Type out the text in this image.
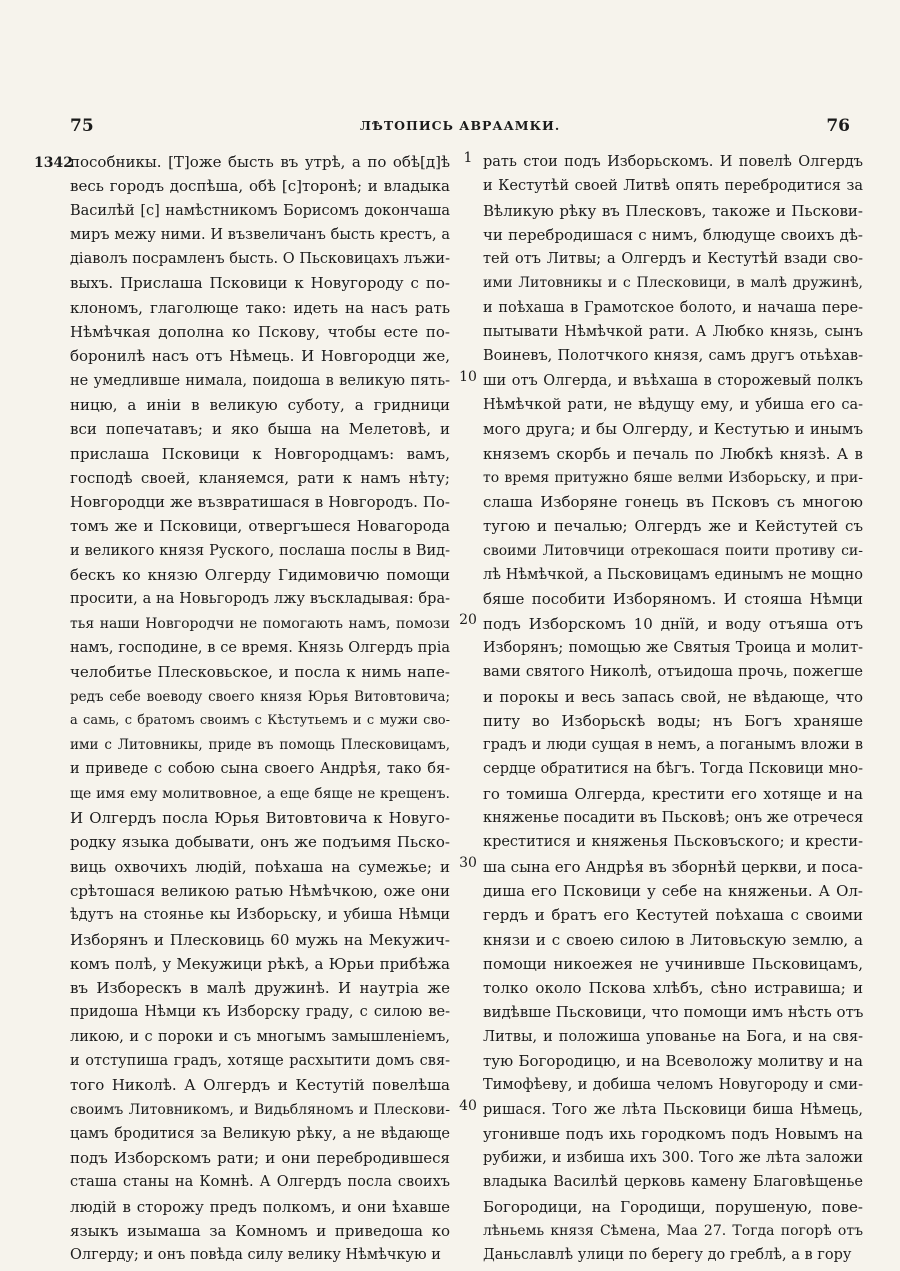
75	ЛѢТОПИСЬ АВРААМКИ.	76
1342	1
10
20
30
40
пособникы. [Т]оже бысть въ утрѣ, а по обѣ[д]ѣ
весь городъ доспѣша, обѣ [с]торонѣ; и владыка
Василѣй [с] намѣстникомъ Борисомъ докончаша
миръ межу ними. И възвеличанъ бысть крестъ, а
діаволъ посрамленъ бысть. О Пьсковицахъ лъжи-
выхъ. Прислаша Псковици к Новугороду с по-
клономъ, глаголюще тако: идеть на насъ рать
Нѣмѣчкая дополна ко Пскову, чтобы есте по-
боронилѣ насъ отъ Нѣмець. И Новгородци же,
не умедливше нимала, поидоша в великую пять-
ницю, а иніи в великую суботу, а гридници
вси попечатавъ; и яко быша на Мелетовѣ, и
прислаша Псковици к Новгородцамъ: вамъ,
господѣ своей, кланяемся, рати к намъ нѣту;
Новгородци же възвратишася в Новгородъ. По-
томъ же и Псковици, отвергъшеся Новагорода
и великого князя Руского, послаша послы в Вид-
бескъ ко князю Олгерду Гидимовичю помощи
просити, а на Новьгородъ лжу въскладывая: бра-
тья наши Новгородчи не помогають намъ, помози
намъ, господине, в се время. Князь Олгердъ пріа
челобитье Плесковьское, и посла к нимь напе-
редъ себе воеводу своего князя Юрья Витовтовича;
а самь, с братомъ своимъ с Кѣстутьемъ и с мужи сво-
ими с Литовникы, приде въ помощь Плесковицамъ,
и приведе с собою сына своего Андрѣя, тако бя-
ще имя ему молитвовное, а еще бяще не крещенъ.
И Олгердъ посла Юрья Витовтовича к Новуго-
родку языка добывати, онъ же подъимя Пьско-
виць охвочихъ людій, поѣхаша на сумежье; и
срѣтошася великою ратью Нѣмѣчкою, оже они
ѣдутъ на стоянье кы Изборьску, и убиша Нѣмци
Изборянъ и Плесковиць 60 мужь на Мекужич-
комъ полѣ, у Мекужици рѣкѣ, а Юрьи прибѣжа
въ Изборескъ в малѣ дружинѣ. И наутріа же
придоша Нѣмци къ Изборску граду, с силою ве-
ликою, и с пороки и съ многымъ замышленіемъ,
и отступиша градъ, хотяще расхытити домъ свя-
того Николѣ. А Олгердъ и Кестутій повелѣша
своимъ Литовникомъ, и Видьбляномъ и Плескови-
цамъ бродитися за Великую рѣку, а не вѣдающе
подъ Изборскомъ рати; и они перебродившеся
сташа станы на Комнѣ. А Олгердъ посла своихъ
людій в сторожу предъ полкомъ, и они ѣхавше
языкъ изымаша за Комномъ и приведоша ко
Олгерду; и онъ повѣда силу велику Нѣмѣчкую и
рать стои подъ Изборьскомъ. И повелѣ Олгердъ
и Кестутѣй своей Литвѣ опять перебродитися за
Вѣликую рѣку въ Плесковъ, такоже и Пьскови-
чи перебродишася с нимъ, блюдуще своихъ дѣ-
тей отъ Литвы; а Олгердъ и Кестутѣй взади сво-
ими Литовникы и с Плесковици, в малѣ дружинѣ,
и поѣхаша в Грамотское болото, и начаша пере-
пытывати Нѣмѣчкой рати. А Любко князь, сынъ
Воиневъ, Полотчкого князя, самъ другъ отьѣхав-
ши отъ Олгерда, и въѣхаша в сторожевый полкъ
Нѣмѣчкой рати, не вѣдущу ему, и убиша его са-
мого друга; и бы Олгерду, и Кестутью и инымъ
княземъ скорбь и печаль по Любкѣ князѣ. А в
то время притужно бяше велми Изборьску, и при-
слаша Изборяне гонець въ Псковъ съ многою
тугою и печалью; Олгердъ же и Кейстутей съ
своими Литовчици отрекошася поити противу си-
лѣ Нѣмѣчкой, а Пьсковицамъ единымъ не мощно
бяше пособити Изборяномъ. И стояша Нѣмци
подъ Изборскомъ 10 днїй, и воду отъяша отъ
Изборянъ; помощью же Святыя Троица и молит-
вами святого Николѣ, отъидоша прочь, пожегше
и порокы и весь запась свой, не вѣдающе, что
питу во Изборьскѣ воды; нъ Богъ храняше
градъ и люди сущая в немъ, а поганымъ вложи в
сердце обратитися на бѣгъ. Тогда Псковици мно-
го томиша Олгерда, крестити его хотяще и на
княженье посадити въ Пьсковѣ; онъ же отречеся
креститися и княженья Пьсковъского; и крести-
ша сына его Андрѣя въ зборнѣй церкви, и поса-
диша его Псковици у себе на княженьи. А Ол-
гердъ и братъ его Кестутей поѣхаша с своими
князи и с своею силою в Литовьскую землю, а
помощи никоежея не учинивше Пьсковицамъ,
толко около Пскова хлѣбъ, сѣно истравиша; и
видѣвше Пьсковици, что помощи имъ нѣсть отъ
Литвы, и положиша упованье на Бога, и на свя-
тую Богородицю, и на Всеволожу молитву и на
Тимофѣеву, и добиша челомъ Новугороду и сми-
ришася. Того же лѣта Пьсковици биша Нѣмець,
угонивше подъ ихь городкомъ подъ Новымъ на
рубижи, и избиша ихъ 300. Того же лѣта заложи
владыка Василѣй церковь камену Благовѣщенье
Богородици, на Городищи, порушеную, пове-
лѣньемь князя Сѣмена, Маа 27. Тогда погорѣ отъ
Даньславлѣ улици по берегу до греблѣ, а в гору
